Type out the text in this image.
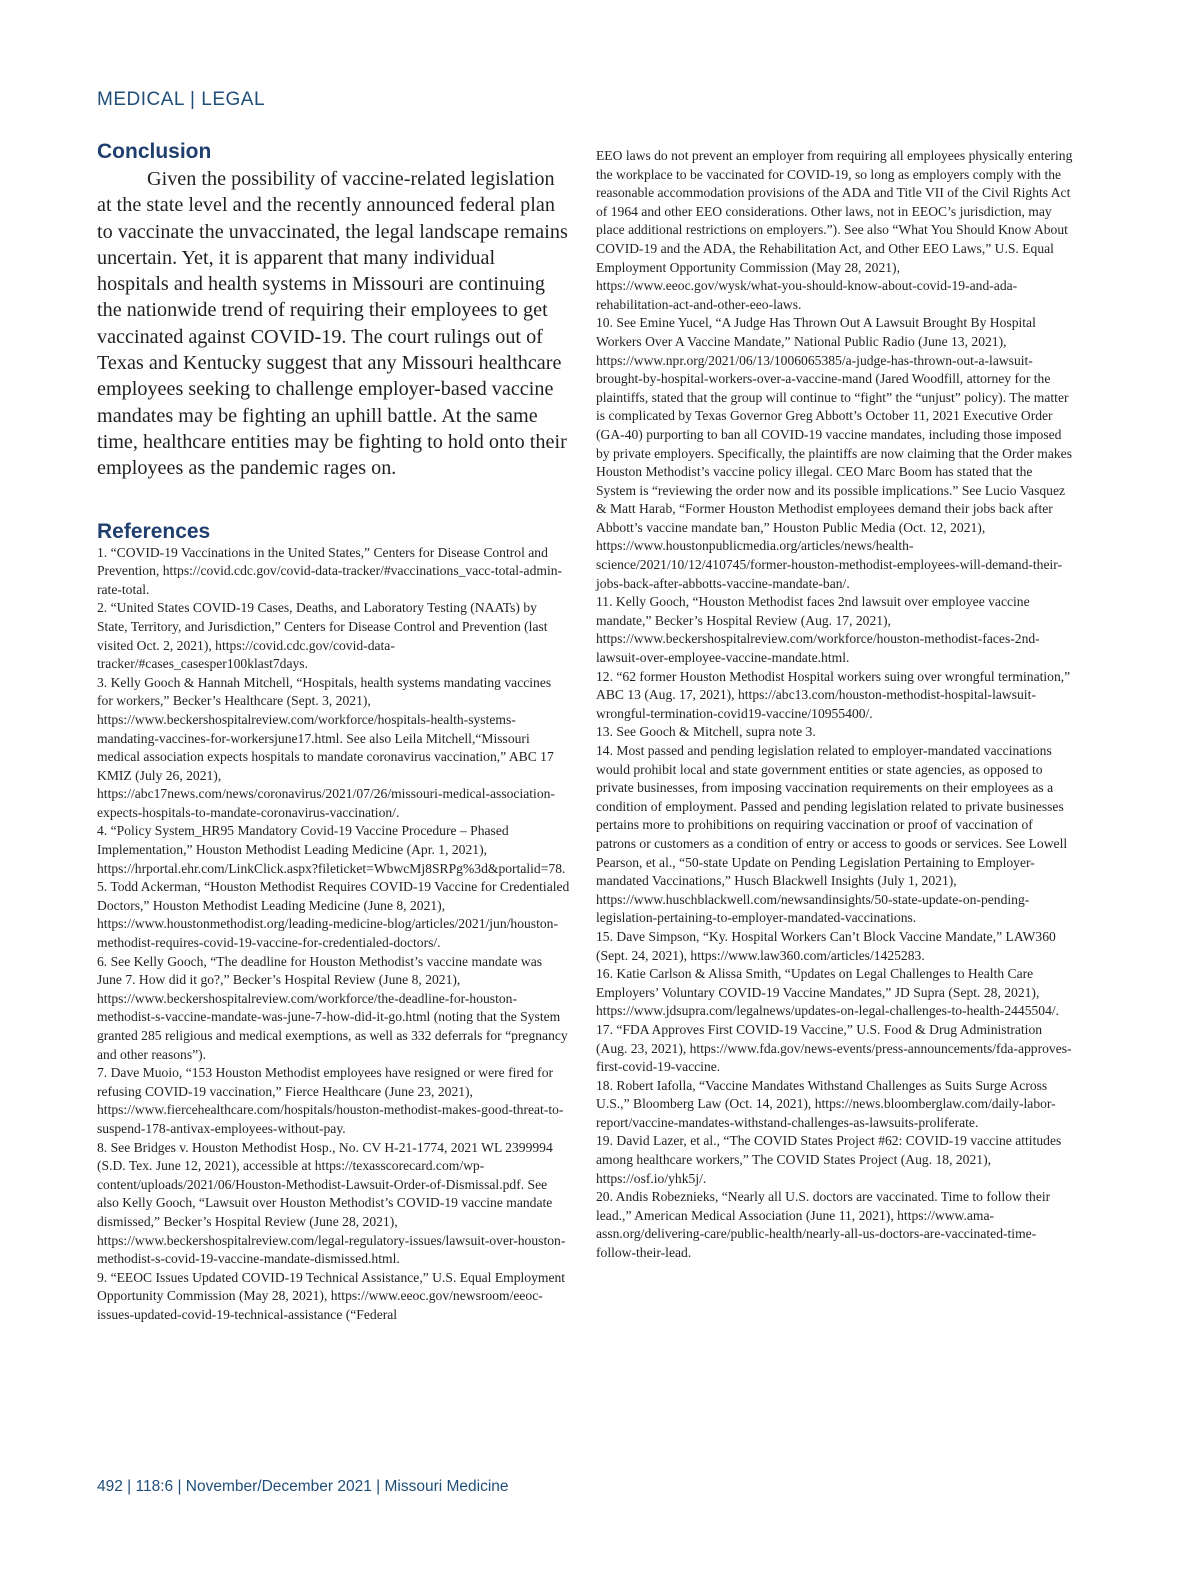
MEDICAL | LEGAL
Conclusion

Given the possibility of vaccine-related legislation at the state level and the recently announced federal plan to vaccinate the unvaccinated, the legal landscape remains uncertain. Yet, it is apparent that many individual hospitals and health systems in Missouri are continuing the nationwide trend of requiring their employees to get vaccinated against COVID-19. The court rulings out of Texas and Kentucky suggest that any Missouri healthcare employees seeking to challenge employer-based vaccine mandates may be fighting an uphill battle. At the same time, healthcare entities may be fighting to hold onto their employees as the pandemic rages on.

References

1. “COVID-19 Vaccinations in the United States,” Centers for Disease Control and Prevention, https://covid.cdc.gov/covid-data-tracker/#vaccinations_vacc-total-admin-rate-total.

2. “United States COVID-19 Cases, Deaths, and Laboratory Testing (NAATs) by State, Territory, and Jurisdiction,” Centers for Disease Control and Prevention (last visited Oct. 2, 2021), https://covid.cdc.gov/covid-data-tracker/#cases_casesper100klast7days.

3. Kelly Gooch & Hannah Mitchell, “Hospitals, health systems mandating vaccines for workers,” Becker’s Healthcare (Sept. 3, 2021), https://www.beckershospitalreview.com/workforce/hospitals-health-systems-mandating-vaccines-for-workersjune17.html. See also Leila Mitchell,“Missouri medical association expects hospitals to mandate coronavirus vaccination,” ABC 17 KMIZ (July 26, 2021), https://abc17news.com/news/coronavirus/2021/07/26/missouri-medical-association-expects-hospitals-to-mandate-coronavirus-vaccination/.

4. “Policy System_HR95 Mandatory Covid-19 Vaccine Procedure – Phased Implementation,” Houston Methodist Leading Medicine (Apr. 1, 2021), https://hrportal.ehr.com/LinkClick.aspx?fileticket=WbwcMj8SRPg%3d&portalid=78.

5. Todd Ackerman, “Houston Methodist Requires COVID-19 Vaccine for Credentialed Doctors,” Houston Methodist Leading Medicine (June 8, 2021), https://www.houstonmethodist.org/leading-medicine-blog/articles/2021/jun/houston-methodist-requires-covid-19-vaccine-for-credentialed-doctors/.

6. See Kelly Gooch, “The deadline for Houston Methodist’s vaccine mandate was June 7. How did it go?,” Becker’s Hospital Review (June 8, 2021), https://www.beckershospitalreview.com/workforce/the-deadline-for-houston-methodist-s-vaccine-mandate-was-june-7-how-did-it-go.html (noting that the System granted 285 religious and medical exemptions, as well as 332 deferrals for “pregnancy and other reasons”).

7. Dave Muoio, “153 Houston Methodist employees have resigned or were fired for refusing COVID-19 vaccination,” Fierce Healthcare (June 23, 2021), https://www.fiercehealthcare.com/hospitals/houston-methodist-makes-good-threat-to-suspend-178-antivax-employees-without-pay.

8. See Bridges v. Houston Methodist Hosp., No. CV H-21-1774, 2021 WL 2399994 (S.D. Tex. June 12, 2021), accessible at https://texasscorecard.com/wp-content/uploads/2021/06/Houston-Methodist-Lawsuit-Order-of-Dismissal.pdf. See also Kelly Gooch, “Lawsuit over Houston Methodist’s COVID-19 vaccine mandate dismissed,” Becker’s Hospital Review (June 28, 2021), https://www.beckershospitalreview.com/legal-regulatory-issues/lawsuit-over-houston-methodist-s-covid-19-vaccine-mandate-dismissed.html.

9. “EEOC Issues Updated COVID-19 Technical Assistance,” U.S. Equal Employment Opportunity Commission (May 28, 2021), https://www.eeoc.gov/newsroom/eeoc-issues-updated-covid-19-technical-assistance (“Federal

EEO laws do not prevent an employer from requiring all employees physically entering the workplace to be vaccinated for COVID-19, so long as employers comply with the reasonable accommodation provisions of the ADA and Title VII of the Civil Rights Act of 1964 and other EEO considerations. Other laws, not in EEOC’s jurisdiction, may place additional restrictions on employers.”). See also “What You Should Know About COVID-19 and the ADA, the Rehabilitation Act, and Other EEO Laws,” U.S. Equal Employment Opportunity Commission (May 28, 2021), https://www.eeoc.gov/wysk/what-you-should-know-about-covid-19-and-ada-rehabilitation-act-and-other-eeo-laws.

10. See Emine Yucel, “A Judge Has Thrown Out A Lawsuit Brought By Hospital Workers Over A Vaccine Mandate,” National Public Radio (June 13, 2021), https://www.npr.org/2021/06/13/1006065385/a-judge-has-thrown-out-a-lawsuit-brought-by-hospital-workers-over-a-vaccine-mand (Jared Woodfill, attorney for the plaintiffs, stated that the group will continue to “fight” the “unjust” policy). The matter is complicated by Texas Governor Greg Abbott’s October 11, 2021 Executive Order (GA-40) purporting to ban all COVID-19 vaccine mandates, including those imposed by private employers. Specifically, the plaintiffs are now claiming that the Order makes Houston Methodist’s vaccine policy illegal. CEO Marc Boom has stated that the System is “reviewing the order now and its possible implications.” See Lucio Vasquez & Matt Harab, “Former Houston Methodist employees demand their jobs back after Abbott’s vaccine mandate ban,” Houston Public Media (Oct. 12, 2021), https://www.houstonpublicmedia.org/articles/news/health-science/2021/10/12/410745/former-houston-methodist-employees-will-demand-their-jobs-back-after-abbotts-vaccine-mandate-ban/.

11. Kelly Gooch, “Houston Methodist faces 2nd lawsuit over employee vaccine mandate,” Becker’s Hospital Review (Aug. 17, 2021), https://www.beckershospitalreview.com/workforce/houston-methodist-faces-2nd-lawsuit-over-employee-vaccine-mandate.html.

12. “62 former Houston Methodist Hospital workers suing over wrongful termination,” ABC 13 (Aug. 17, 2021), https://abc13.com/houston-methodist-hospital-lawsuit-wrongful-termination-covid19-vaccine/10955400/.

13. See Gooch & Mitchell, supra note 3.

14. Most passed and pending legislation related to employer-mandated vaccinations would prohibit local and state government entities or state agencies, as opposed to private businesses, from imposing vaccination requirements on their employees as a condition of employment. Passed and pending legislation related to private businesses pertains more to prohibitions on requiring vaccination or proof of vaccination of patrons or customers as a condition of entry or access to goods or services. See Lowell Pearson, et al., “50-state Update on Pending Legislation Pertaining to Employer-mandated Vaccinations,” Husch Blackwell Insights (July 1, 2021), https://www.huschblackwell.com/newsandinsights/50-state-update-on-pending-legislation-pertaining-to-employer-mandated-vaccinations.

15. Dave Simpson, “Ky. Hospital Workers Can’t Block Vaccine Mandate,” LAW360 (Sept. 24, 2021), https://www.law360.com/articles/1425283.

16. Katie Carlson & Alissa Smith, “Updates on Legal Challenges to Health Care Employers’ Voluntary COVID-19 Vaccine Mandates,” JD Supra (Sept. 28, 2021), https://www.jdsupra.com/legalnews/updates-on-legal-challenges-to-health-2445504/.

17. “FDA Approves First COVID-19 Vaccine,” U.S. Food & Drug Administration (Aug. 23, 2021), https://www.fda.gov/news-events/press-announcements/fda-approves-first-covid-19-vaccine.

18. Robert Iafolla, “Vaccine Mandates Withstand Challenges as Suits Surge Across U.S.,” Bloomberg Law (Oct. 14, 2021), https://news.bloomberglaw.com/daily-labor-report/vaccine-mandates-withstand-challenges-as-lawsuits-proliferate.

19. David Lazer, et al., “The COVID States Project #62: COVID-19 vaccine attitudes among healthcare workers,” The COVID States Project (Aug. 18, 2021), https://osf.io/yhk5j/.

20. Andis Robeznieks, “Nearly all U.S. doctors are vaccinated. Time to follow their lead.,” American Medical Association (June 11, 2021), https://www.ama-assn.org/delivering-care/public-health/nearly-all-us-doctors-are-vaccinated-time-follow-their-lead.

492 | 118:6 | November/December 2021 | Missouri Medicine
